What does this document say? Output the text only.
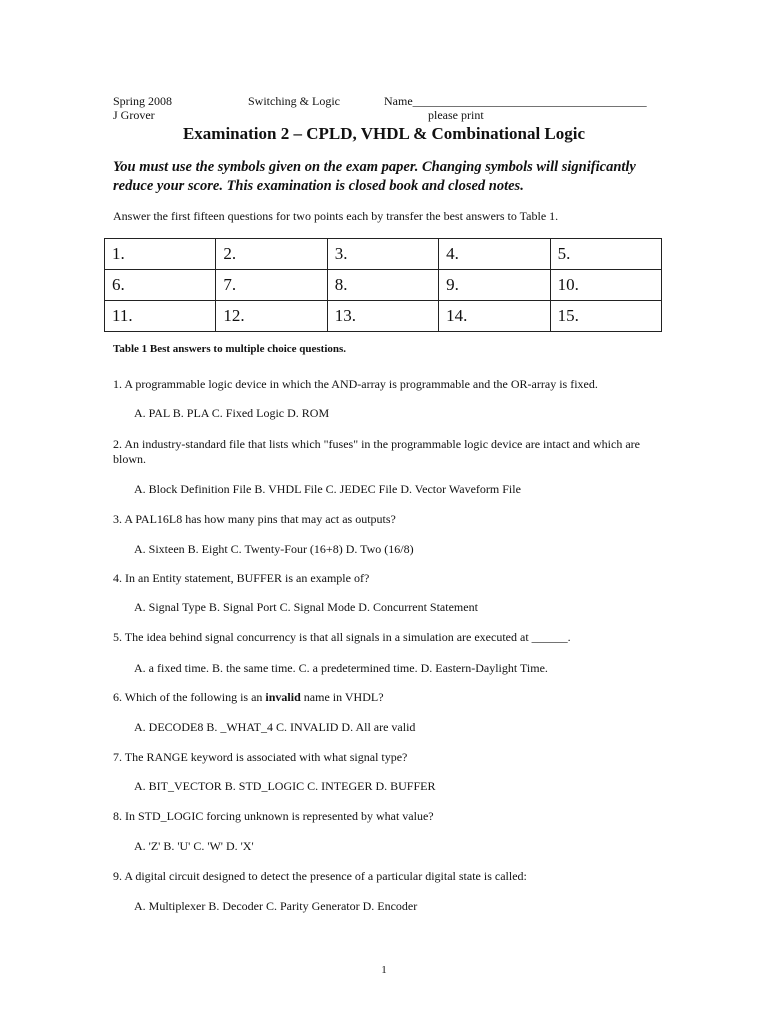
Spring 2008	Switching & Logic	Name_______________________________________
J Grover	please print
Examination 2 – CPLD, VHDL & Combinational Logic
You must use the symbols given on the exam paper. Changing symbols will significantly reduce your score. This examination is closed book and closed notes.
Answer the first fifteen questions for two points each by transfer the best answers to Table 1.
1.	2.	3.	4.	5.
6.	7.	8.	9.	10.
11.	12.	13.	14.	15.
Table 1 Best answers to multiple choice questions.
1. A programmable logic device in which the AND-array is programmable and the OR-array is fixed.
A. PAL B. PLA C. Fixed Logic D. ROM
2. An industry-standard file that lists which "fuses" in the programmable logic device are intact and which are blown.
A. Block Definition File B. VHDL File C. JEDEC File D. Vector Waveform File
3. A PAL16L8 has how many pins that may act as outputs?
A. Sixteen B. Eight C. Twenty-Four (16+8) D. Two (16/8)
4. In an Entity statement, BUFFER is an example of?
A. Signal Type B. Signal Port C. Signal Mode D. Concurrent Statement
5. The idea behind signal concurrency is that all signals in a simulation are executed at ______.
A. a fixed time. B. the same time. C. a predetermined time. D. Eastern-Daylight Time.
6. Which of the following is an invalid name in VHDL?
A. DECODE8 B. _WHAT_4 C. INVALID D. All are valid
7. The RANGE keyword is associated with what signal type?
A. BIT_VECTOR B. STD_LOGIC C. INTEGER D. BUFFER
8. In STD_LOGIC forcing unknown is represented by what value?
A. 'Z' B. 'U' C. 'W' D. 'X'
9. A digital circuit designed to detect the presence of a particular digital state is called:
A. Multiplexer B. Decoder C. Parity Generator D. Encoder
1
